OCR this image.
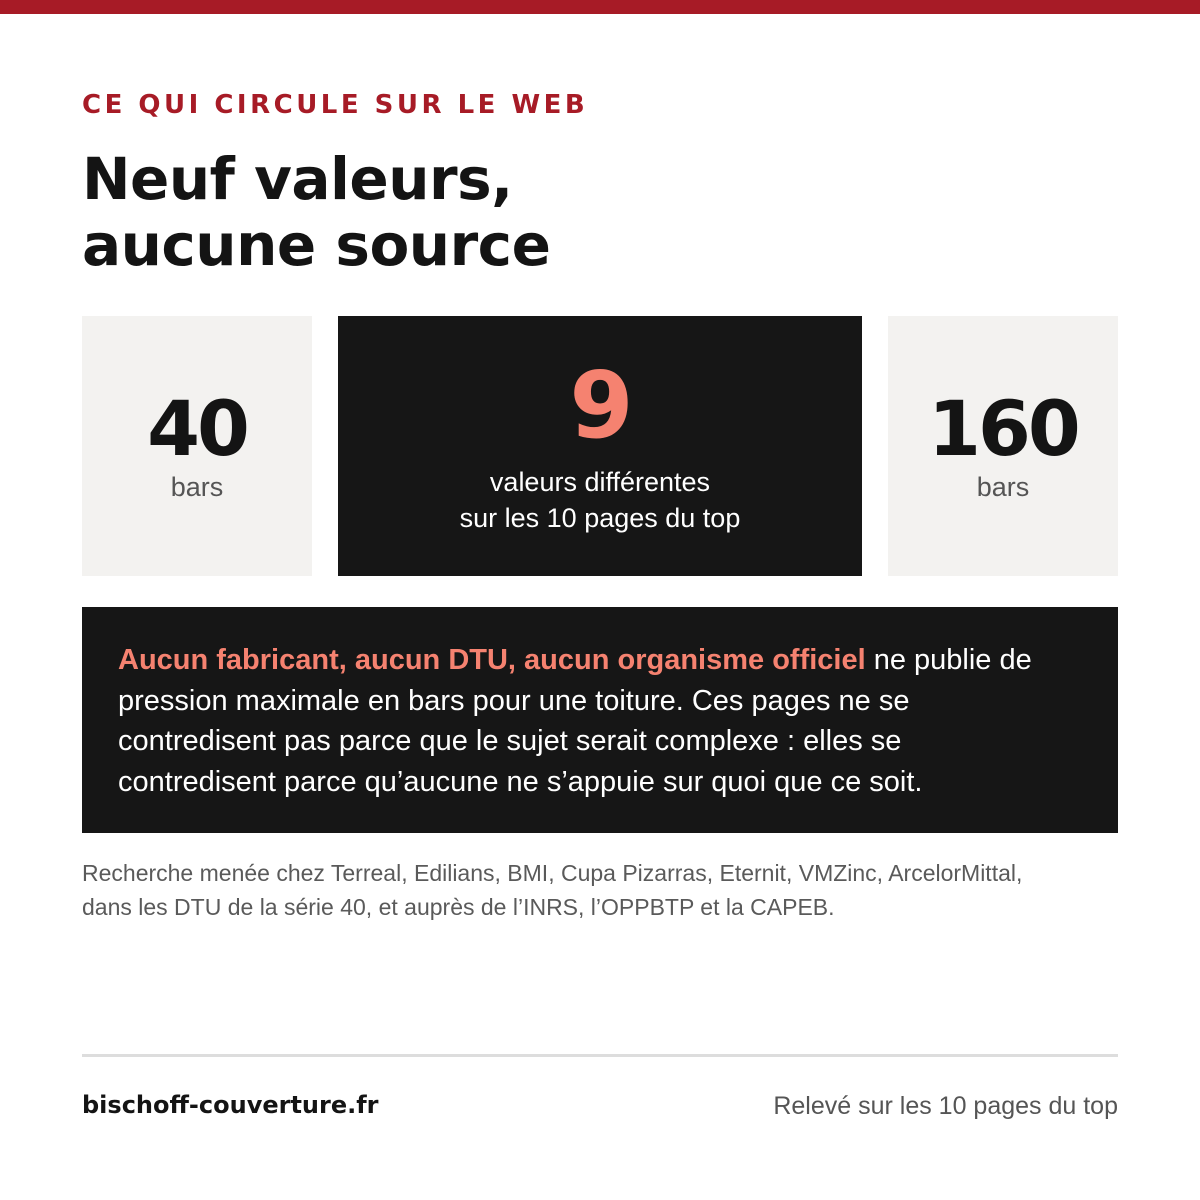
CE QUI CIRCULE SUR LE WEB
Neuf valeurs,
aucune source
40
bars
9
valeurs différentes
sur les 10 pages du top
160
bars

Aucun fabricant, aucun DTU, aucun organisme officiel ne publie de
pression maximale en bars pour une toiture. Ces pages ne se
contredisent pas parce que le sujet serait complexe : elles se
contredisent parce qu’aucune ne s’appuie sur quoi que ce soit.

Recherche menée chez Terreal, Edilians, BMI, Cupa Pizarras, Eternit, VMZinc, ArcelorMittal,
dans les DTU de la série 40, et auprès de l’INRS, l’OPPBTP et la CAPEB.
bischoff-couverture.fr	Relevé sur les 10 pages du top
